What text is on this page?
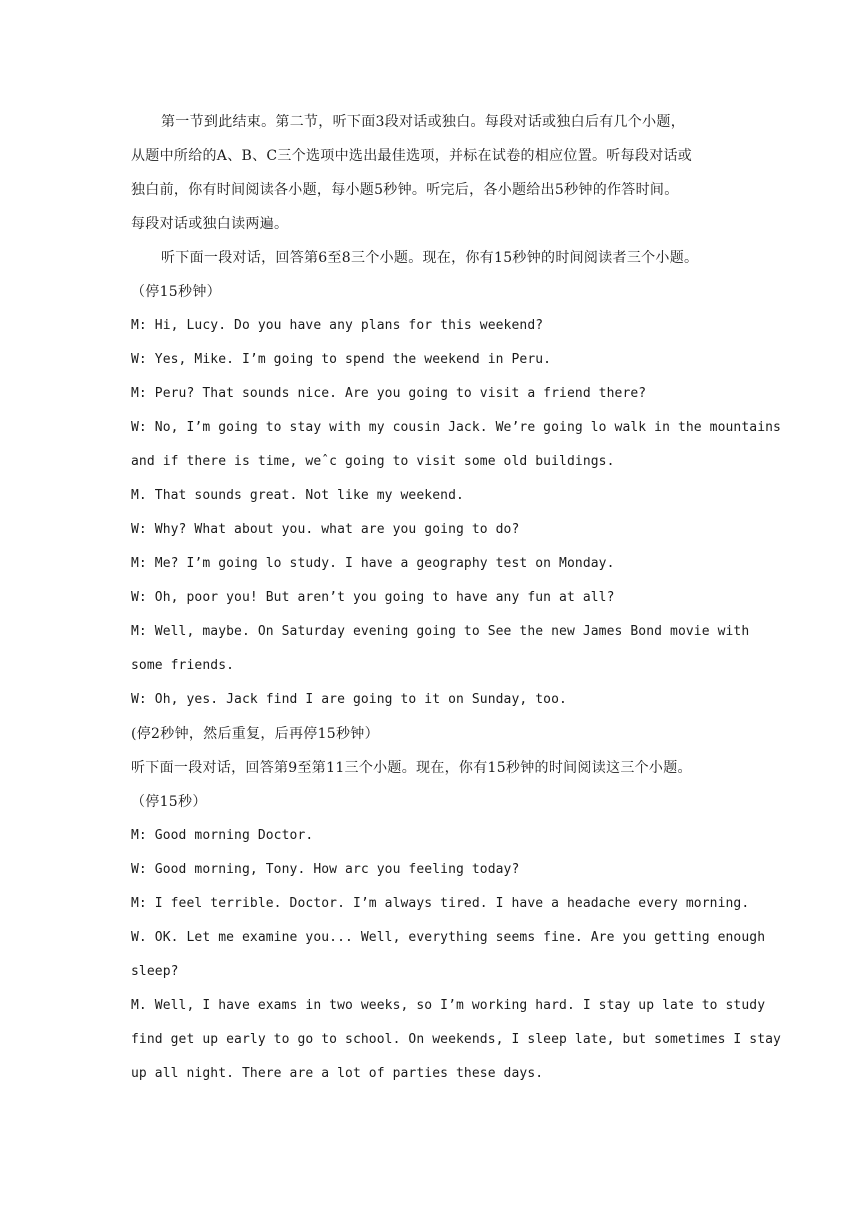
第一节到此结束。第二节，听下面3段对话或独白。每段对话或独白后有几个小题，
从题中所给的A、B、C三个选项中选出最佳选项，并标在试卷的相应位置。听每段对话或
独白前，你有时间阅读各小题，每小题5秒钟。听完后，各小题给出5秒钟的作答时间。
每段对话或独白读两遍。
听下面一段对话，回答第6至8三个小题。现在，你有15秒钟的时间阅读者三个小题。
（停15秒钟）
M: Hi, Lucy. Do you have any plans for this weekend?
W: Yes, Mike. I’m going to spend the weekend in Peru.
M: Peru? That sounds nice. Are you going to visit a friend there?
W: No, I’m going to stay with my cousin Jack. We’re going lo walk in the mountains
and if there is time, weˆc going to visit some old buildings.
M. That sounds great. Not like my weekend.
W: Why? What about you. what are you going to do?
M: Me? I’m going lo study. I have a geography test on Monday.
W: Oh, poor you! But aren’t you going to have any fun at all?
M: Well, maybe. On Saturday evening going to See the new James Bond movie with
some friends.
W: Oh, yes. Jack find I are going to it on Sunday, too.
(停2秒钟，然后重复，后再停15秒钟）
听下面一段对话，回答第9至第11三个小题。现在，你有15秒钟的时间阅读这三个小题。
（停15秒）
M: Good morning Doctor.
W: Good morning, Tony. How arc you feeling today?
M: I feel terrible. Doctor. I’m always tired. I have a headache every morning.
W. OK. Let me examine you... Well, everything seems fine. Are you getting enough
sleep?
M. Well, I have exams in two weeks, so I’m working hard. I stay up late to study
find get up early to go to school. On weekends, I sleep late, but sometimes I stay
up all night. There are a lot of parties these days.
